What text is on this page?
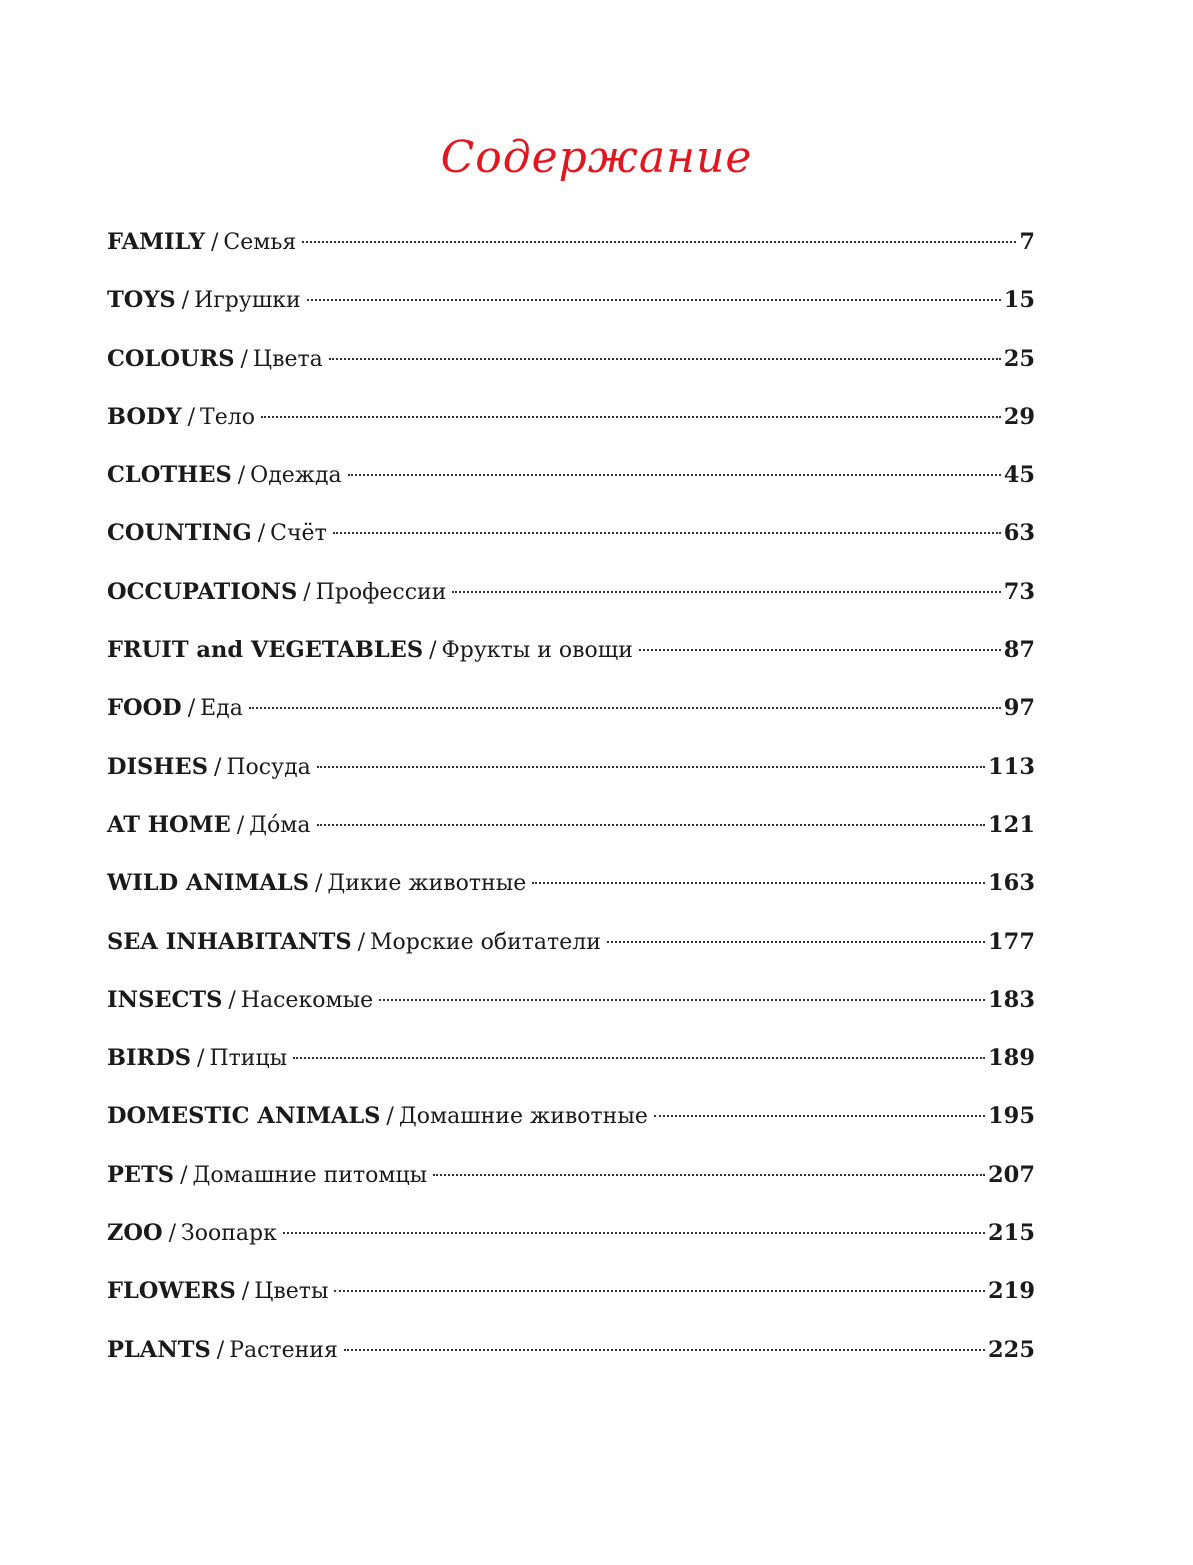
Содержание
FAMILY / Семья	7
TOYS / Игрушки	15
COLOURS / Цвета	25
BODY / Тело	29
CLOTHES / Одежда	45
COUNTING / Счёт	63
OCCUPATIONS / Профессии	73
FRUIT and VEGETABLES / Фрукты и овощи	87
FOOD / Еда	97
DISHES / Посуда	113
AT HOME / До́ма	121
WILD ANIMALS / Дикие животные	163
SEA INHABITANTS / Морские обитатели	177
INSECTS / Насекомые	183
BIRDS / Птицы	189
DOMESTIC ANIMALS / Домашние животные	195
PETS / Домашние питомцы	207
ZOO / Зоопарк	215
FLOWERS / Цветы	219
PLANTS / Растения	225
